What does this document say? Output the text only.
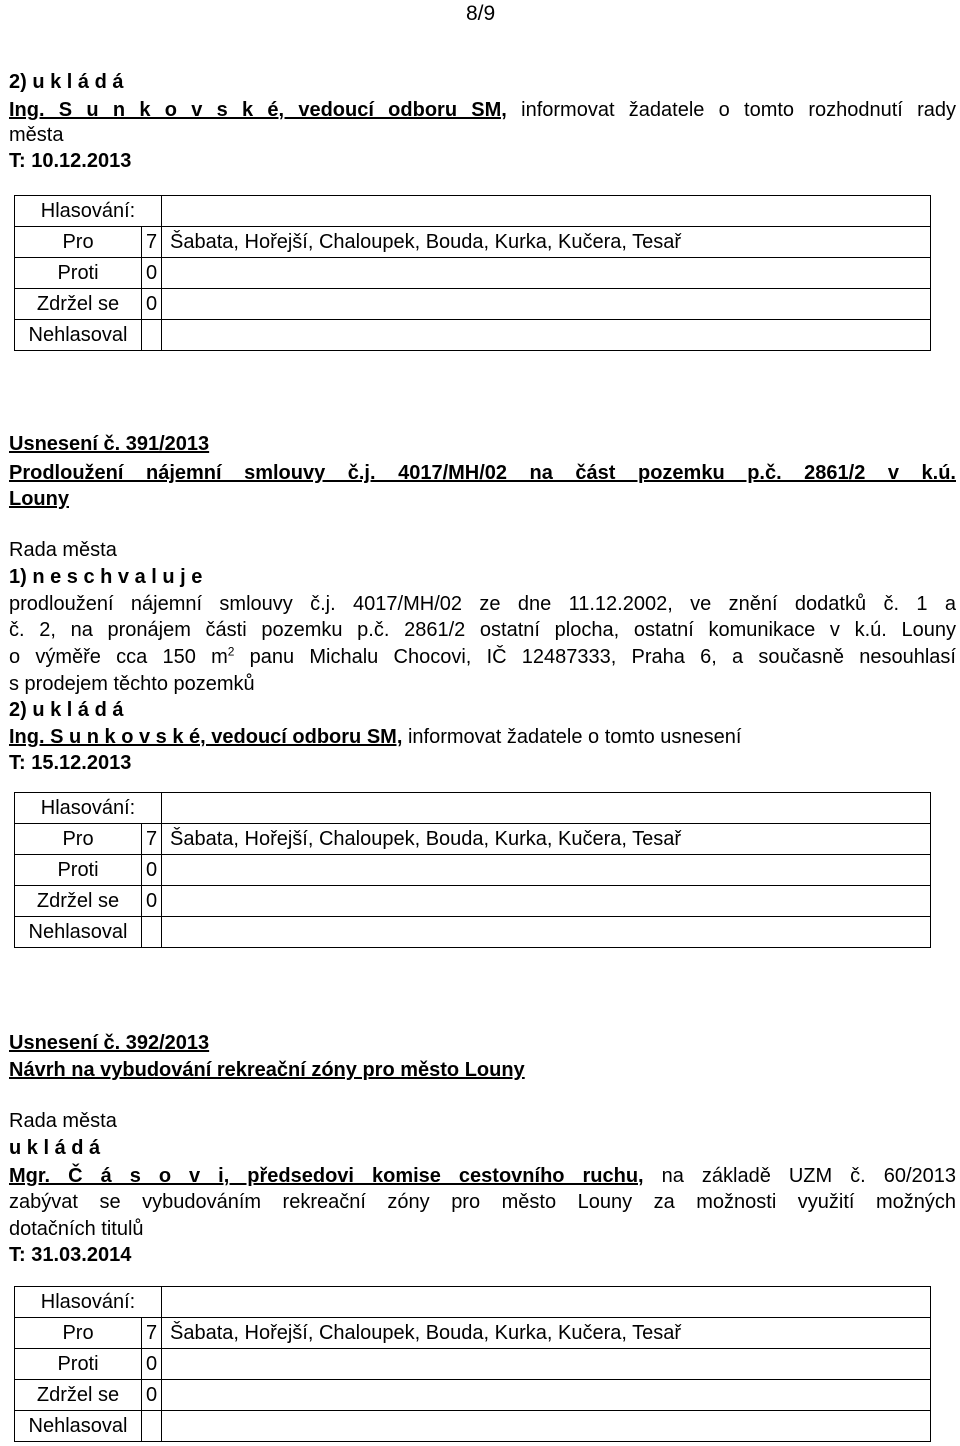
8/9
2) u k l á d á
Ing. S u n k o v s k é, vedoucí odboru SM, informovat žadatele o tomto rozhodnutí rady
města
T: 10.12.2013
Hlasování:		
Pro	7	Šabata, Hořejší, Chaloupek, Bouda, Kurka, Kučera, Tesař
Proti	0	
Zdržel se	0	
Nehlasoval		
Usnesení č. 391/2013
Prodloužení nájemní smlouvy č.j. 4017/MH/02 na část pozemku p.č. 2861/2 v k.ú.
Louny
Rada města
1) n e s c h v a l u j e
prodloužení nájemní smlouvy č.j. 4017/MH/02 ze dne 11.12.2002, ve znění dodatků č. 1 a
č. 2, na pronájem části pozemku p.č. 2861/2 ostatní plocha, ostatní komunikace v k.ú. Louny
o výměře cca 150 $m^2$ panu Michalu Chocovi, IČ 12487333, Praha 6, a současně nesouhlasí
s prodejem těchto pozemků
2) u k l á d á
Ing. S u n k o v s k é, vedoucí odboru SM, informovat žadatele o tomto usnesení
T: 15.12.2013
Hlasování:		
Pro	7	Šabata, Hořejší, Chaloupek, Bouda, Kurka, Kučera, Tesař
Proti	0	
Zdržel se	0	
Nehlasoval		
Usnesení č. 392/2013
Návrh na vybudování rekreační zóny pro město Louny
Rada města
u k l á d á
Mgr. Č á s o v i, předsedovi komise cestovního ruchu, na základě UZM č. 60/2013
zabývat se vybudováním rekreační zóny pro město Louny za možnosti využití možných
dotačních titulů
T: 31.03.2014
Hlasování:		
Pro	7	Šabata, Hořejší, Chaloupek, Bouda, Kurka, Kučera, Tesař
Proti	0	
Zdržel se	0	
Nehlasoval		
